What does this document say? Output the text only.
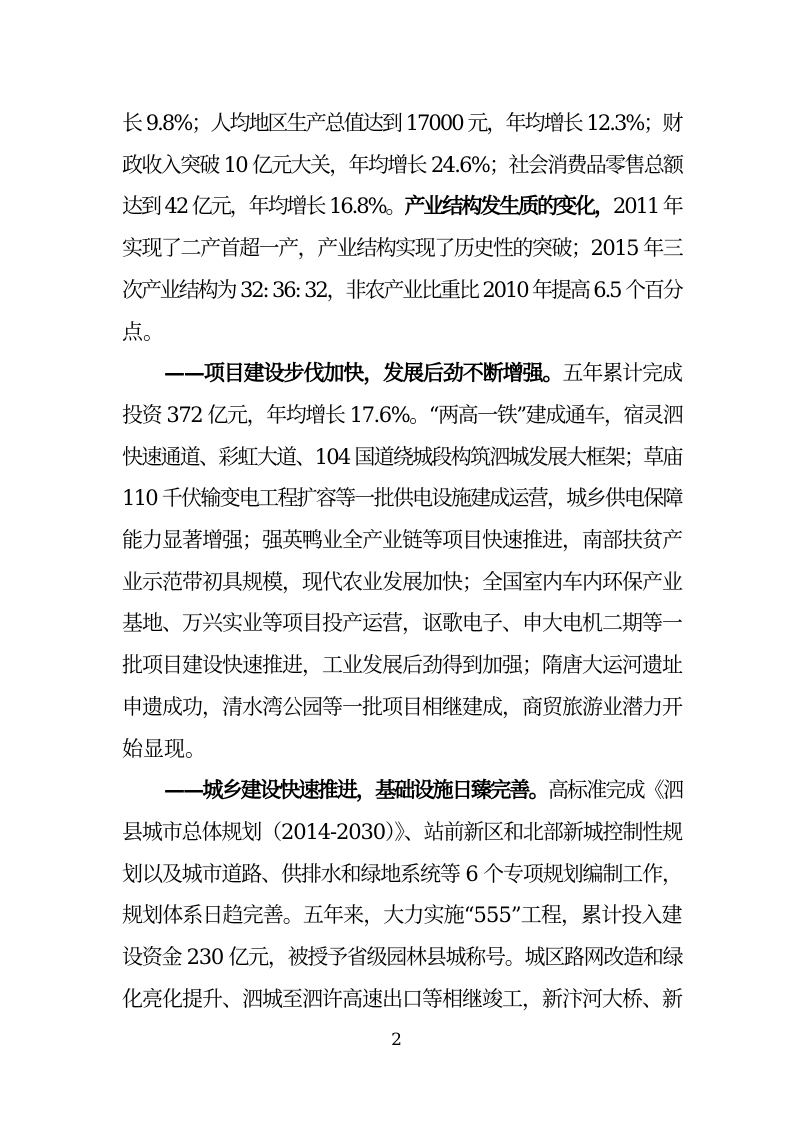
长 9.8%；人均地区生产总值达到 17000 元，年均增长 12.3%；财
政收入突破 10 亿元大关，年均增长 24.6%；社会消费品零售总额
达到 42 亿元，年均增长 16.8%。产业结构发生质的变化，2011 年
实现了二产首超一产，产业结构实现了历史性的突破；2015 年三
次产业结构为 32: 36: 32，非农产业比重比 2010 年提高 6.5 个百分
点。
——项目建设步伐加快，发展后劲不断增强。五年累计完成
投资 372 亿元，年均增长 17.6%。“两高一铁”建成通车，宿灵泗
快速通道、彩虹大道、104 国道绕城段构筑泗城发展大框架；草庙
110 千伏输变电工程扩容等一批供电设施建成运营，城乡供电保障
能力显著增强；强英鸭业全产业链等项目快速推进，南部扶贫产
业示范带初具规模，现代农业发展加快；全国室内车内环保产业
基地、万兴实业等项目投产运营，讴歌电子、申大电机二期等一
批项目建设快速推进，工业发展后劲得到加强；隋唐大运河遗址
申遗成功，清水湾公园等一批项目相继建成，商贸旅游业潜力开
始显现。
——城乡建设快速推进，基础设施日臻完善。高标准完成《泗
县城市总体规划（2014-2030）》、站前新区和北部新城控制性规
划以及城市道路、供排水和绿地系统等 6 个专项规划编制工作，
规划体系日趋完善。五年来，大力实施“555”工程，累计投入建
设资金 230 亿元，被授予省级园林县城称号。城区路网改造和绿
化亮化提升、泗城至泗许高速出口等相继竣工，新汴河大桥、新
2
